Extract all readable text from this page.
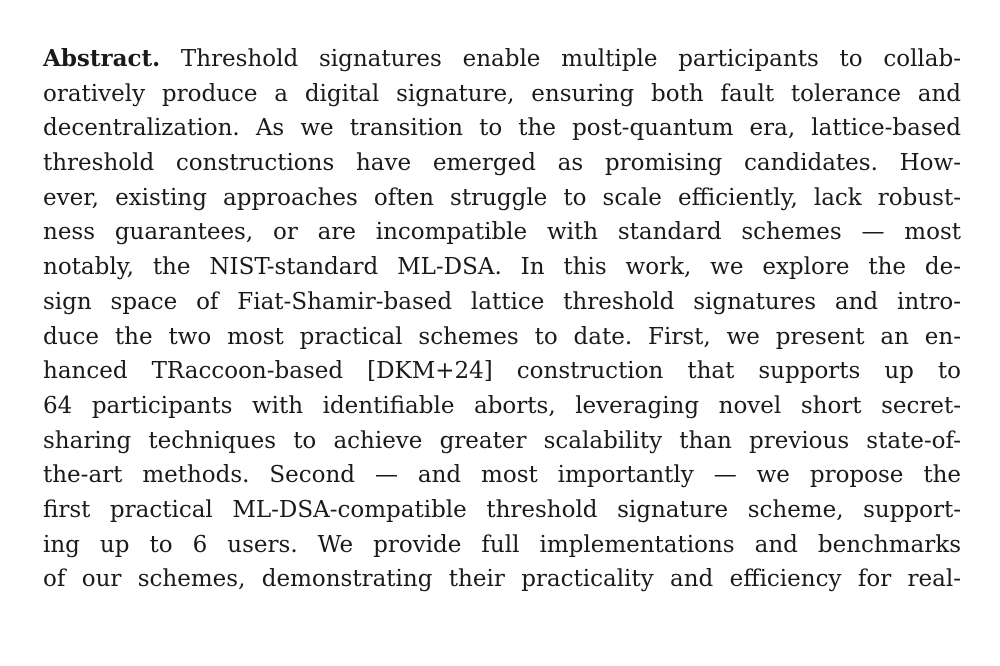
Abstract. Threshold signatures enable multiple participants to collab-
oratively produce a digital signature, ensuring both fault tolerance and
decentralization. As we transition to the post-quantum era, lattice-based
threshold constructions have emerged as promising candidates. How-
ever, existing approaches often struggle to scale efficiently, lack robust-
ness guarantees, or are incompatible with standard schemes — most
notably, the NIST-standard ML-DSA. In this work, we explore the de-
sign space of Fiat-Shamir-based lattice threshold signatures and intro-
duce the two most practical schemes to date. First, we present an en-
hanced TRaccoon-based [DKM+24] construction that supports up to
64 participants with identifiable aborts, leveraging novel short secret-
sharing techniques to achieve greater scalability than previous state-of-
the-art methods. Second — and most importantly — we propose the
first practical ML-DSA-compatible threshold signature scheme, support-
ing up to 6 users. We provide full implementations and benchmarks
of our schemes, demonstrating their practicality and efficiency for real-
